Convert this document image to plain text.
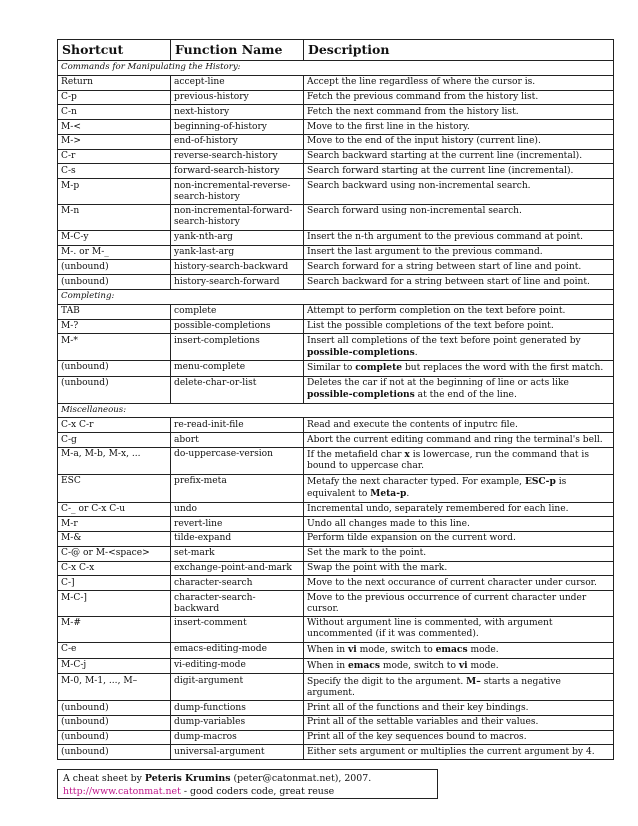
Shortcut	Function Name	Description
Commands for Manipulating the History:		
Return	accept-line	Accept the line regardless of where the cursor is.
C-p	previous-history	Fetch the previous command from the history list.
C-n	next-history	Fetch the next command from the history list.
M-<	beginning-of-history	Move to the first line in the history.
M->	end-of-history	Move to the end of the input history (current line).
C-r	reverse-search-history	Search backward starting at the current line (incremental).
C-s	forward-search-history	Search forward starting at the current line (incremental).
M-p	non-incremental-reverse-search-history	Search backward using non-incremental search.
M-n	non-incremental-forward-search-history	Search forward using non-incremental search.
M-C-y	yank-nth-arg	Insert the n-th argument to the previous command at point.
M-. or M-_	yank-last-arg	Insert the last argument to the previous command.
(unbound)	history-search-backward	Search forward for a string between start of line and point.
(unbound)	history-search-forward	Search backward for a string between start of line and point.
Completing:		
TAB	complete	Attempt to perform completion on the text before point.
M-?	possible-completions	List the possible completions of the text before point.
M-*	insert-completions	Insert all completions of the text before point generated by possible-completions.
(unbound)	menu-complete	Similar to complete but replaces the word with the first match.
(unbound)	delete-char-or-list	Deletes the car if not at the beginning of line or acts like possible-completions at the end of the line.
Miscellaneous:		
C-x C-r	re-read-init-file	Read and execute the contents of inputrc file.
C-g	abort	Abort the current editing command and ring the terminal's bell.
M-a, M-b, M-x, ...	do-uppercase-version	If the metafield char x is lowercase, run the command that is bound to uppercase char.
ESC	prefix-meta	Metafy the next character typed. For example, ESC-p is equivalent to Meta-p.
C-_ or C-x C-u	undo	Incremental undo, separately remembered for each line.
M-r	revert-line	Undo all changes made to this line.
M-&	tilde-expand	Perform tilde expansion on the current word.
C-@ or M-<space>	set-mark	Set the mark to the point.
C-x C-x	exchange-point-and-mark	Swap the point with the mark.
C-]	character-search	Move to the next occurance of current character under cursor.
M-C-]	character-search-backward	Move to the previous occurrence of current character under cursor.
M-#	insert-comment	Without argument line is commented, with argument uncommented (if it was commented).
C-e	emacs-editing-mode	When in vi mode, switch to emacs mode.
M-C-j	vi-editing-mode	When in emacs mode, switch to vi mode.
M-0, M-1, ..., M–	digit-argument	Specify the digit to the argument. M– starts a negative argument.
(unbound)	dump-functions	Print all of the functions and their key bindings.
(unbound)	dump-variables	Print all of the settable variables and their values.
(unbound)	dump-macros	Print all of the key sequences bound to macros.
(unbound)	universal-argument	Either sets argument or multiplies the current argument by 4.
A cheat sheet by Peteris Krumins (peter@catonmat.net), 2007.
http://www.catonmat.net - good coders code, great reuse
